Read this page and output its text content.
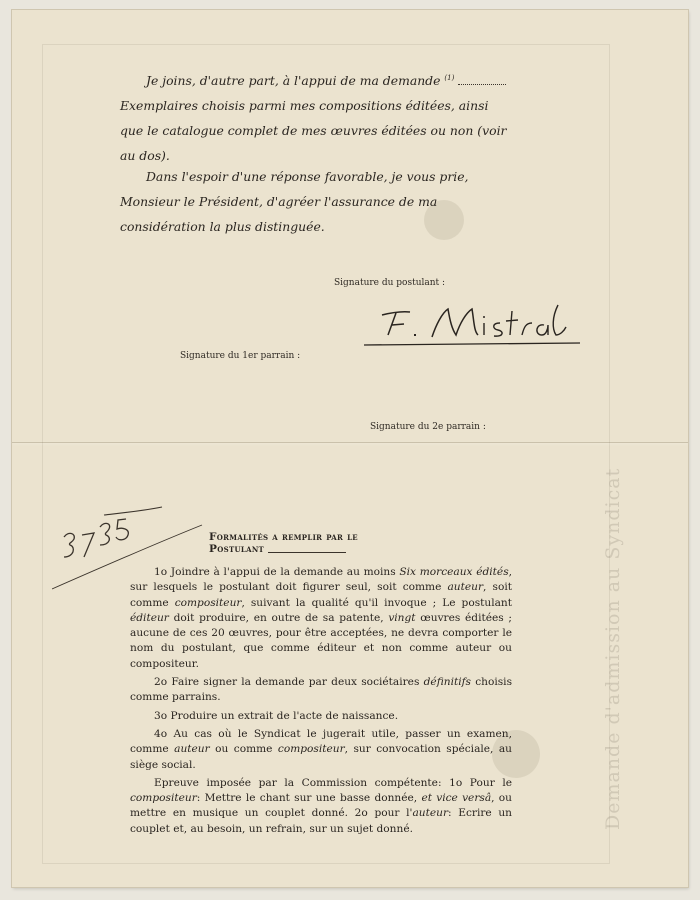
Demande d'admission au Syndicat

Je joins, d'autre part, à l'appui de ma demande $^{(1)}$  Exemplaires choisis parmi mes compositions éditées, ainsi que le catalogue complet de mes œuvres éditées ou non (voir au dos).

Dans l'espoir d'une réponse favorable, je vous prie, Monsieur le Président, d'agréer l'assurance de ma considération la plus distinguée.

Signature du postulant :
Signature du 1er parrain :
Signature du 2e parrain :
Formalités a remplir par le Postulant

1o Joindre à l'appui de la demande au moins Six morceaux édités, sur lesquels le postulant doit figurer seul, soit comme auteur, soit comme compositeur, suivant la qualité qu'il invoque ; Le postulant éditeur doit produire, en outre de sa patente, vingt œuvres éditées ; aucune de ces 20 œuvres, pour être acceptées, ne devra comporter le nom du postulant, que comme éditeur et non comme auteur ou compositeur.

2o Faire signer la demande par deux sociétaires définitifs choisis comme parrains.

3o Produire un extrait de l'acte de naissance.

4o Au cas où le Syndicat le jugerait utile, passer un examen, comme auteur ou comme compositeur, sur convocation spéciale, au siège social.

Epreuve imposée par la Commission compétente: 1o Pour le compositeur: Mettre le chant sur une basse donnée, et vice versâ, ou mettre en musique un couplet donné. 2o pour l'auteur: Ecrire un couplet et, au besoin, un refrain, sur un sujet donné.
